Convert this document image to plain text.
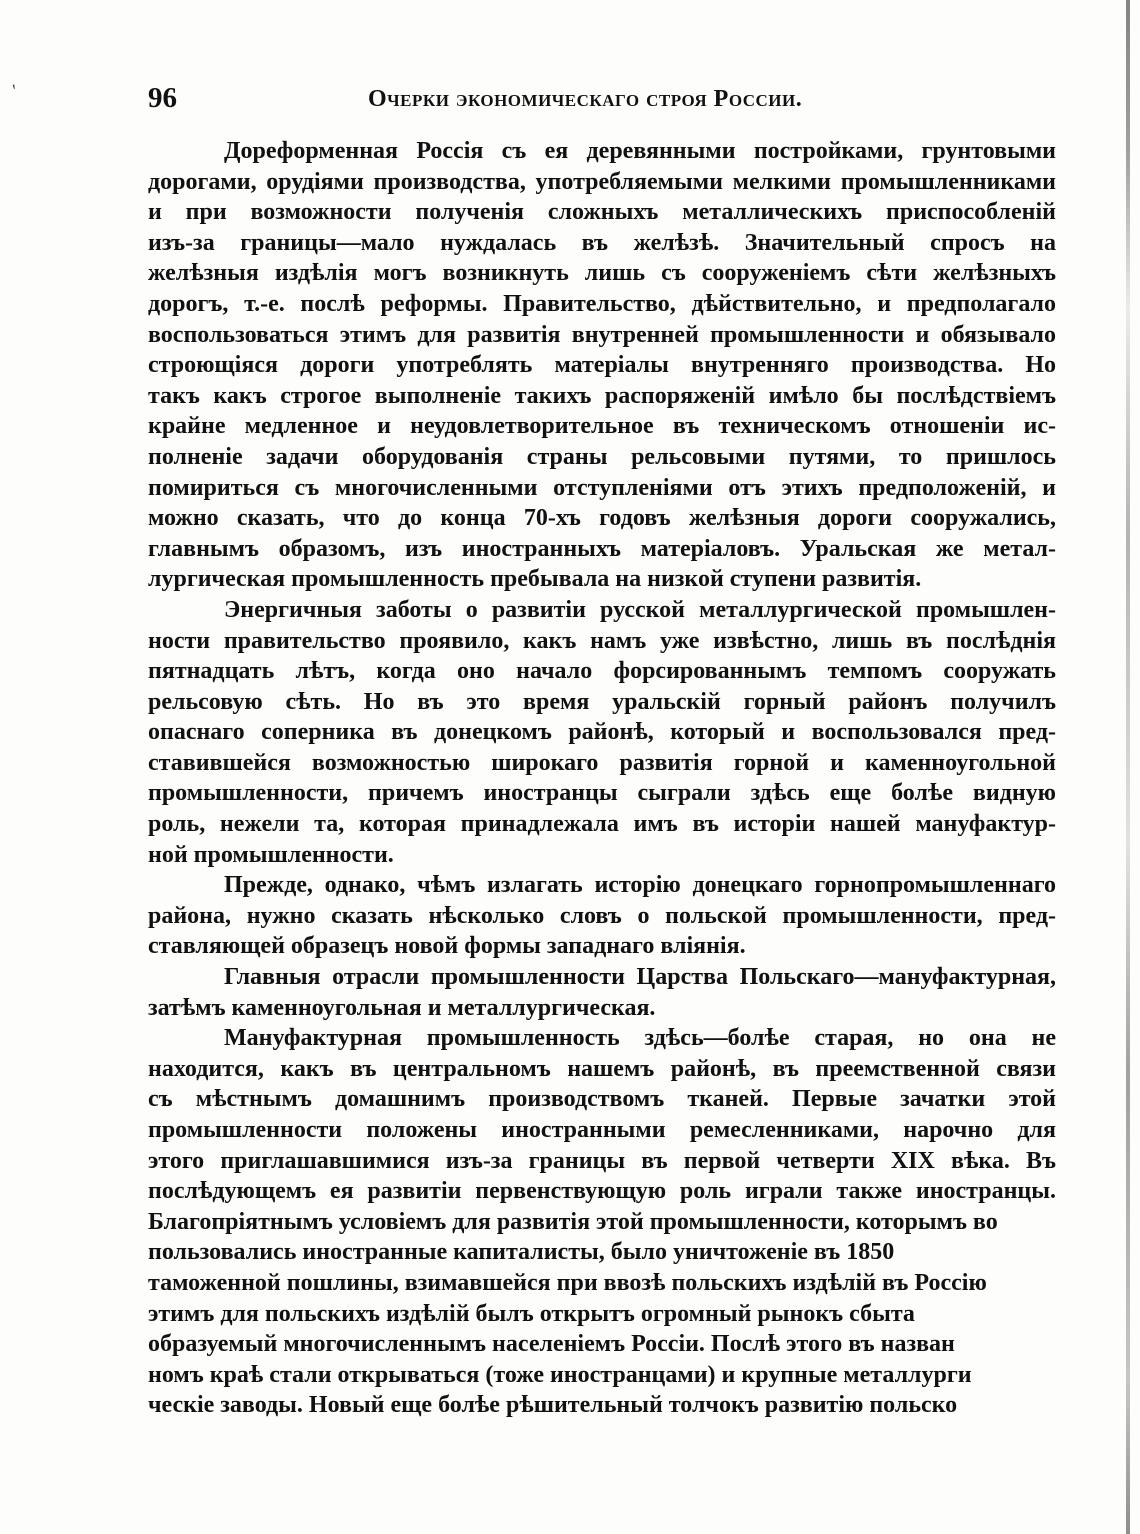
′	96	Очерки экономическаго строя России.
Дореформенная Россія съ ея деревянными постройками, грунтовыми
дорогами, орудіями производства, употребляемыми мелкими промышленниками
и при возможности полученія сложныхъ металлическихъ приспособленій
изъ-за границы—мало нуждалась въ желѣзѣ. Значительный спросъ на
желѣзныя издѣлія могъ возникнуть лишь съ сооруженіемъ сѣти желѣзныхъ
дорогъ, т.-е. послѣ реформы. Правительство, дѣйствительно, и предполагало
воспользоваться этимъ для развитія внутренней промышленности и обязывало
строющіяся дороги употреблять матеріалы внутренняго производства. Но
такъ какъ строгое выполненіе такихъ распоряженій имѣло бы послѣдствіемъ
крайне медленное и неудовлетворительное въ техническомъ отношеніи ис-
полненіе задачи оборудованія страны рельсовыми путями, то пришлось
помириться съ многочисленными отступленіями отъ этихъ предположеній, и
можно сказать, что до конца 70-хъ годовъ желѣзныя дороги сооружались,
главнымъ образомъ, изъ иностранныхъ матеріаловъ. Уральская же метал-
лургическая промышленность пребывала на низкой ступени развитія.
Энергичныя заботы о развитіи русской металлургической промышлен-
ности правительство проявило, какъ намъ уже извѣстно, лишь въ послѣднія
пятнадцать лѣтъ, когда оно начало форсированнымъ темпомъ сооружать
рельсовую сѣть. Но въ это время уральскій горный районъ получилъ
опаснаго соперника въ донецкомъ районѣ, который и воспользовался пред-
ставившейся возможностью широкаго развитія горной и каменноугольной
промышленности, причемъ иностранцы сыграли здѣсь еще болѣе видную
роль, нежели та, которая принадлежала имъ въ исторіи нашей мануфактур-
ной промышленности.
Прежде, однако, чѣмъ излагать исторію донецкаго горнопромышленнаго
района, нужно сказать нѣсколько словъ о польской промышленности, пред-
ставляющей образецъ новой формы западнаго вліянія.
Главныя отрасли промышленности Царства Польскаго—мануфактурная,
затѣмъ каменноугольная и металлургическая.
Мануфактурная промышленность здѣсь—болѣе старая, но она не
находится, какъ въ центральномъ нашемъ районѣ, въ преемственной связи
съ мѣстнымъ домашнимъ производствомъ тканей. Первые зачатки этой
промышленности положены иностранными ремесленниками, нарочно для
этого приглашавшимися изъ-за границы въ первой четверти XIX вѣка. Въ
послѣдующемъ ея развитіи первенствующую роль играли также иностранцы.
Благопріятнымъ условіемъ для развитія этой промышленности, которымъ во
пользовались иностранные капиталисты, было уничтоженіе въ 1850
таможенной пошлины, взимавшейся при ввозѣ польскихъ издѣлій въ Россію
этимъ для польскихъ издѣлій былъ открытъ огромный рынокъ сбыта
образуемый многочисленнымъ населеніемъ Россіи. Послѣ этого въ назван
номъ краѣ стали открываться (тоже иностранцами) и крупные металлурги
ческіе заводы. Новый еще болѣе рѣшительный толчокъ развитію польско
